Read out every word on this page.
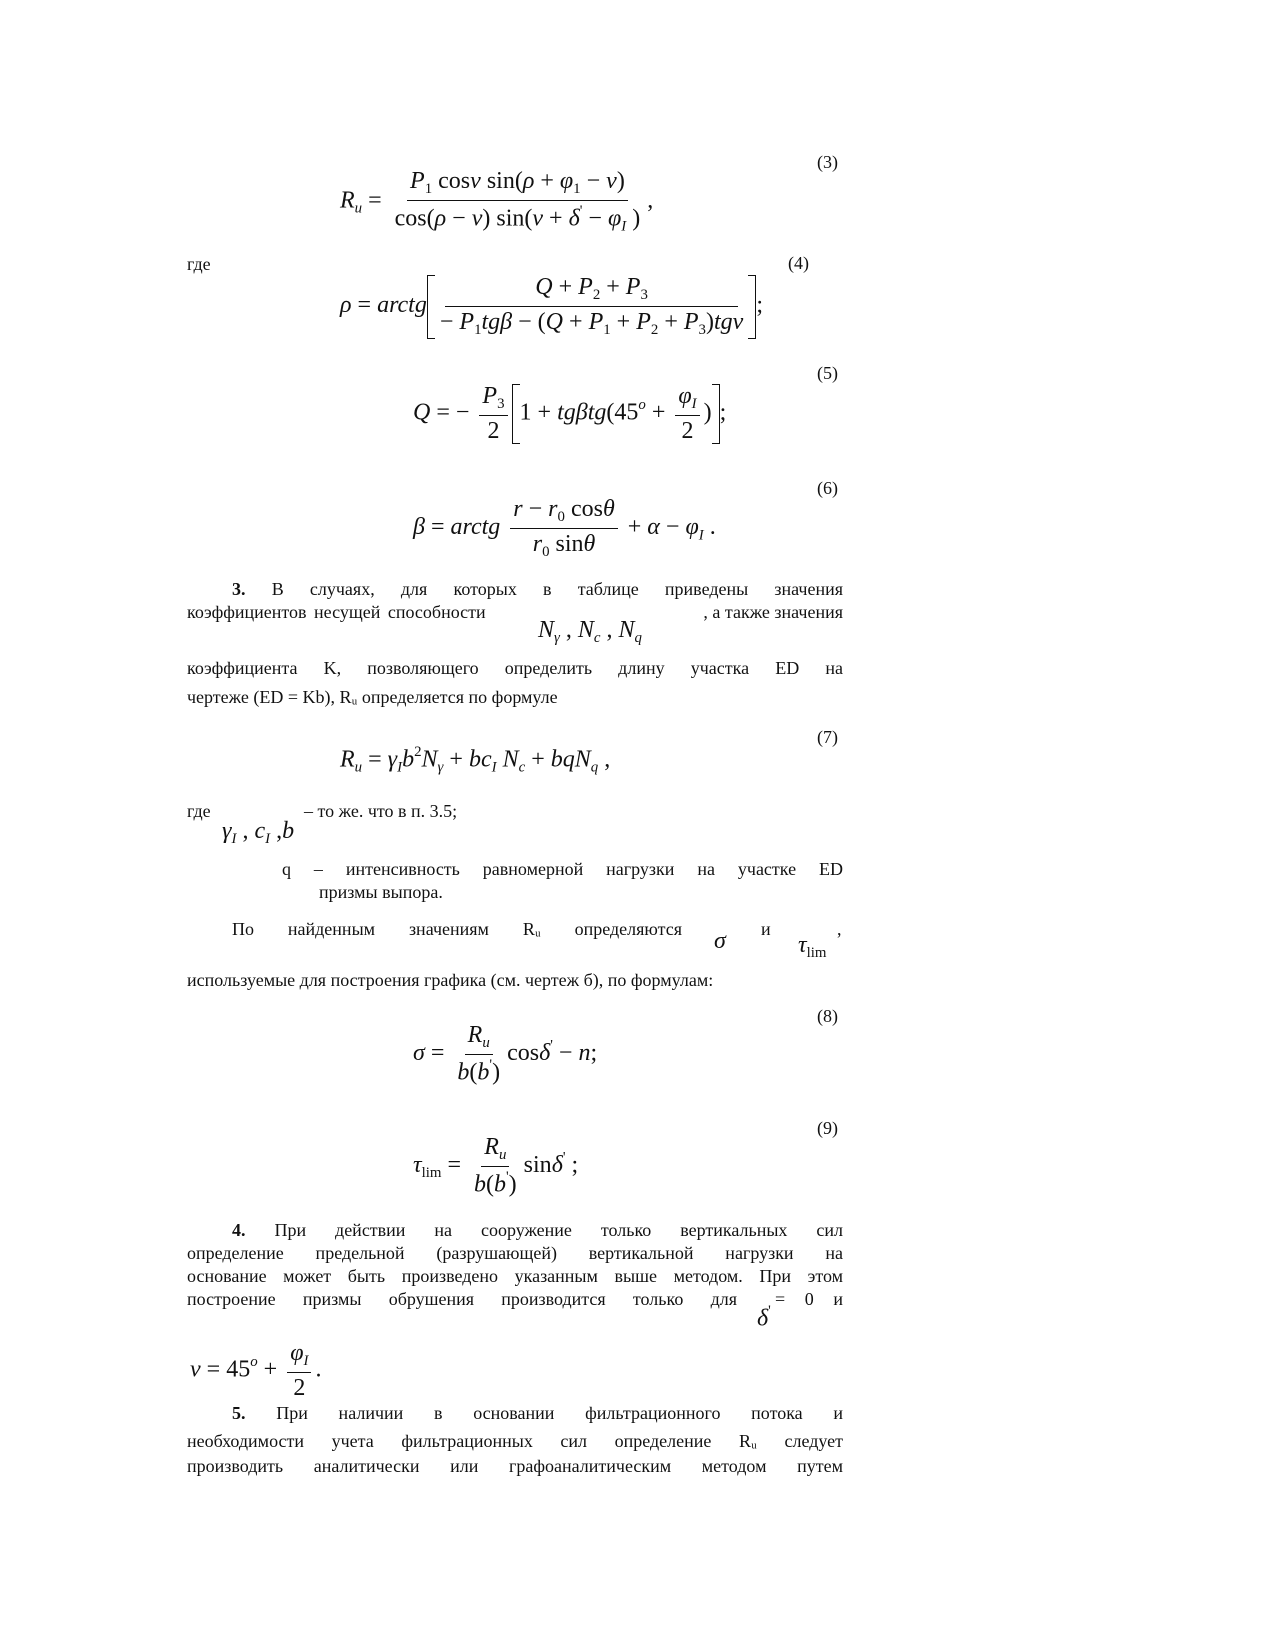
(3)
(4)
(5)
(6)
(7)
(8)
(9)
$R_u = \frac{P_1 \cos\nu \sin(\rho + \varphi_1 - \nu)}{\cos(\rho - \nu) \sin(\nu + \delta' - \varphi_I )}$ ,
где
ρ = arctg $\frac{Q + P_2 + P_3}{- P_1tg\beta - (Q + P_1 + P_2 + P_3)tg\nu}$ ;
Q = − $\frac{P_3}{2} 1 + tg\beta tg(45^o + \frac{\varphi_I}{2}$ ) ;
β = arctg $\frac{r - r_0 \cos\theta}{r_0 \sin\theta} + \alpha - \varphi_I$ .
3. В случаях, для которых в таблице приведены значения
коэффициентов несущей способности	, а также значения
$N_\gamma$ , $N_c$ , $N_q$
коэффициента K, позволяющего определить длину участка ED на
чертеже (ED = Kb), Rᵤ определяется по формуле
$R_u = \gamma_Ib^2N_\gamma + bc_I$ $N_c + bqN_q$ ,
где	– то же. что в п. 3.5;
$\gamma_I$ , $c_I$ ,b
q – интенсивность равномерной нагрузки на участке ED
призмы выпора.
По найденным значениям Rᵤ определяются	и	,
σ	$\tau_{lim}$
используемые для построения графика (см. чертеж б), по формулам:
$\sigma = \frac{R_u}{b(b')} \cos\delta' - n$;
$\tau_{lim} = \frac{R_u}{b(b')} \sin\delta'$ ;
4. При действии на сооружение только вертикальных сил
определение предельной (разрушающей) вертикальной нагрузки на
основание может быть произведено указанным выше методом. При этом
построение призмы обрушения производится только для = 0 и
δ'
$\nu = 45^o + \frac{\varphi_I}{2}$ .
5. При наличии в основании фильтрационного потока и
необходимости учета фильтрационных сил определение Rᵤ следует
производить аналитически или графоаналитическим методом путем
